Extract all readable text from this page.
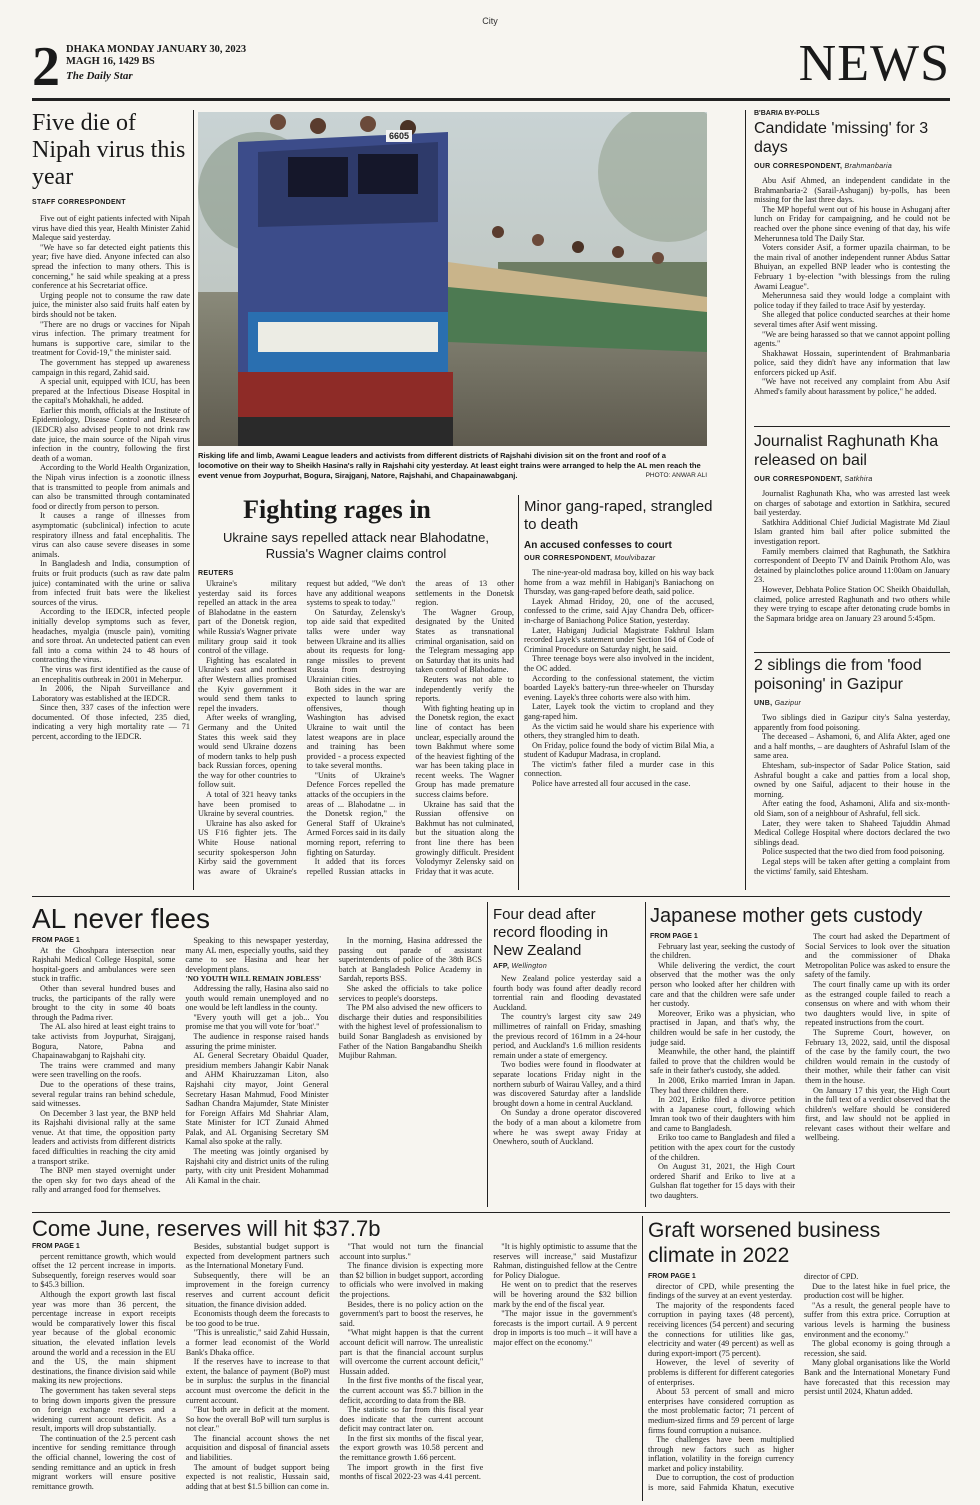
City
2 DHAKA MONDAY JANUARY 30, 2023
MAGH 16, 1429 BS
The Daily Star	NEWS
Five die of Nipah virus this year
STAFF CORRESPONDENT

Five out of eight patients infected with Nipah virus have died this year, Health Minister Zahid Maleque said yesterday.

"We have so far detected eight patients this year; five have died. Anyone infected can also spread the infection to many others. This is concerning," he said while speaking at a press conference at his Secretariat office.

Urging people not to consume the raw date juice, the minister also said fruits half eaten by birds should not be taken.

"There are no drugs or vaccines for Nipah virus infection. The primary treatment for humans is supportive care, similar to the treatment for Covid-19," the minister said.

The government has stepped up awareness campaign in this regard, Zahid said.

A special unit, equipped with ICU, has been prepared at the Infectious Disease Hospital in the capital's Mohakhali, he added.

Earlier this month, officials at the Institute of Epidemiology, Disease Control and Research (IEDCR) also advised people to not drink raw date juice, the main source of the Nipah virus infection in the country, following the first death of a woman.

According to the World Health Organization, the Nipah virus infection is a zoonotic illness that is transmitted to people from animals and can also be transmitted through contaminated food or directly from person to person.

It causes a range of illnesses from asymptomatic (subclinical) infection to acute respiratory illness and fatal encephalitis. The virus can also cause severe diseases in some animals.

In Bangladesh and India, consumption of fruits or fruit products (such as raw date palm juice) contaminated with the urine or saliva from infected fruit bats were the likeliest sources of the virus.

According to the IEDCR, infected people initially develop symptoms such as fever, headaches, myalgia (muscle pain), vomiting and sore throat. An undetected patient can even fall into a coma within 24 to 48 hours of contracting the virus.

The virus was first identified as the cause of an encephalitis outbreak in 2001 in Meherpur.

In 2006, the Nipah Surveillance and Laboratory was established at the IEDCR.

Since then, 337 cases of the infection were documented. Of those infected, 235 died, indicating a very high mortality rate — 71 percent, according to the IEDCR.

6605
Risking life and limb, Awami League leaders and activists from different districts of Rajshahi division sit on the front and roof of a locomotive on their way to Sheikh Hasina's rally in Rajshahi city yesterday. At least eight trains were arranged to help the AL men reach the event venue from Joypurhat, Bogura, Sirajganj, Natore, Rajshahi, and Chapainawabganj.	PHOTO: ANWAR ALI
Fighting rages in
Ukraine says repelled attack near Blahodatne, Russia's Wagner claims control
REUTERS

Ukraine's military yesterday said its forces repelled an attack in the area of Blahodatne in the eastern part of the Donetsk region, while Russia's Wagner private military group said it took control of the village.

Fighting has escalated in Ukraine's east and northeast after Western allies promised the Kyiv government it would send them tanks to repel the invaders.

After weeks of wrangling, Germany and the United States this week said they would send Ukraine dozens of modern tanks to help push back Russian forces, opening the way for other countries to follow suit.

A total of 321 heavy tanks have been promised to Ukraine by several countries.

Ukraine has also asked for US F16 fighter jets. The White House national security spokesperson John Kirby said the government was aware of Ukraine's request but added, "We don't have any additional weapons systems to speak to today."

On Saturday, Zelensky's top aide said that expedited talks were under way between Ukraine and its allies about its requests for long-range missiles to prevent Russia from destroying Ukrainian cities.

Both sides in the war are expected to launch spring offensives, though Washington has advised Ukraine to wait until the latest weapons are in place and training has been provided - a process expected to take several months.

"Units of Ukraine's Defence Forces repelled the attacks of the occupiers in the areas of ... Blahodatne ... in the Donetsk region," the General Staff of Ukraine's Armed Forces said in its daily morning report, referring to fighting on Saturday.

It added that its forces repelled Russian attacks in the areas of 13 other settlements in the Donetsk region.

The Wagner Group, designated by the United States as transnational criminal organisation, said on the Telegram messaging app on Saturday that its units had taken control of Blahodatne.

Reuters was not able to independently verify the reports.

With fighting heating up in the Donetsk region, the exact line of contact has been unclear, especially around the town Bakhmut where some of the heaviest fighting of the war has been taking place in recent weeks. The Wagner Group has made premature success claims before.

Ukraine has said that the Russian offensive on Bakhmut has not culminated, but the situation along the front line there has been growingly difficult. President Volodymyr Zelensky said on Friday that it was acute.

Minor gang-raped, strangled to death
An accused confesses to court
OUR CORRESPONDENT, Moulvibazar

The nine-year-old madrasa boy, killed on his way back home from a waz mehfil in Habiganj's Baniachong on Thursday, was gang-raped before death, said police.

Layek Ahmad Hridoy, 20, one of the accused, confessed to the crime, said Ajay Chandra Deb, officer-in-charge of Baniachong Police Station, yesterday.

Later, Habiganj Judicial Magistrate Fakhrul Islam recorded Layek's statement under Section 164 of Code of Criminal Procedure on Saturday night, he said.

Three teenage boys were also involved in the incident, the OC added.

According to the confessional statement, the victim boarded Layek's battery-run three-wheeler on Thursday evening. Layek's three cohorts were also with him.

Later, Layek took the victim to cropland and they gang-raped him.

As the victim said he would share his experience with others, they strangled him to death.

On Friday, police found the body of victim Bilal Mia, a student of Kadupur Madrasa, in cropland.

The victim's father filed a murder case in this connection.

Police have arrested all four accused in the case.

B'BARIA BY-POLLS
Candidate 'missing' for 3 days
OUR CORRESPONDENT, Brahmanbaria

Abu Asif Ahmed, an independent candidate in the Brahmanbaria-2 (Sarail-Ashuganj) by-polls, has been missing for the last three days.

The MP hopeful went out of his house in Ashuganj after lunch on Friday for campaigning, and he could not be reached over the phone since evening of that day, his wife Meherunnesa told The Daily Star.

Voters consider Asif, a former upazila chairman, to be the main rival of another independent runner Abdus Sattar Bhuiyan, an expelled BNP leader who is contesting the February 1 by-election "with blessings from the ruling Awami League".

Meherunnesa said they would lodge a complaint with police today if they failed to trace Asif by yesterday.

She alleged that police conducted searches at their home several times after Asif went missing.

"We are being harassed so that we cannot appoint polling agents."

Shakhawat Hossain, superintendent of Brahmanbaria police, said they didn't have any information that law enforcers picked up Asif.

"We have not received any complaint from Abu Asif Ahmed's family about harassment by police," he added.

Journalist Raghunath Kha released on bail
OUR CORRESPONDENT, Satkhira

Journalist Raghunath Kha, who was arrested last week on charges of sabotage and extortion in Satkhira, secured bail yesterday.

Satkhira Additional Chief Judicial Magistrate Md Ziaul Islam granted him bail after police submitted the investigation report.

Family members claimed that Raghunath, the Satkhira correspondent of Deepto TV and Dainik Prothom Alo, was detained by plainclothes police around 11:00am on January 23.

However, Debhata Police Station OC Sheikh Obaidullah, claimed, police arrested Raghunath and two others while they were trying to escape after detonating crude bombs in the Sapmara bridge area on January 23 around 5:45pm.

2 siblings die from 'food poisoning' in Gazipur
UNB, Gazipur

Two siblings died in Gazipur city's Salna yesterday, apparently from food poisoning.

The deceased – Ashamoni, 6, and Alifa Akter, aged one and a half months, – are daughters of Ashraful Islam of the same area.

Ehtesham, sub-inspector of Sadar Police Station, said Ashraful bought a cake and patties from a local shop, owned by one Saiful, adjacent to their house in the morning.

After eating the food, Ashamoni, Alifa and six-month-old Siam, son of a neighbour of Ashraful, fell sick.

Later, they were taken to Shaheed Tajuddin Ahmad Medical College Hospital where doctors declared the two siblings dead.

Police suspected that the two died from food poisoning.

Legal steps will be taken after getting a complaint from the victims' family, said Ehtesham.

AL never flees
FROM PAGE 1

At the Ghoshpara intersection near Rajshahi Medical College Hospital, some hospital-goers and ambulances were seen stuck in traffic.

Other than several hundred buses and trucks, the participants of the rally were brought to the city in some 40 boats through the Padma river.

The AL also hired at least eight trains to take activists from Joypurhat, Sirajganj, Bogura, Natore, Pabna and Chapainawabganj to Rajshahi city.

The trains were crammed and many were seen travelling on the roofs.

Due to the operations of these trains, several regular trains ran behind schedule, said witnesses.

On December 3 last year, the BNP held its Rajshahi divisional rally at the same venue. At that time, the opposition party leaders and activists from different districts faced difficulties in reaching the city amid a transport strike.

The BNP men stayed overnight under the open sky for two days ahead of the rally and arranged food for themselves.

Speaking to this newspaper yesterday, many AL men, especially youths, said they came to see Hasina and hear her development plans.

'NO YOUTH WILL REMAIN JOBLESS'

Addressing the rally, Hasina also said no youth would remain unemployed and no one would be left landless in the county.

"Every youth will get a job... You promise me that you will vote for 'boat'."

The audience in response raised hands assuring the prime minister.

AL General Secretary Obaidul Quader, presidium members Jahangir Kabir Nanak and AHM Khairuzzaman Liton, also Rajshahi city mayor, Joint General Secretary Hasan Mahmud, Food Minister Sadhan Chandra Majumder, State Minister for Foreign Affairs Md Shahriar Alam, State Minister for ICT Zunaid Ahmed Palak, and AL Organising Secretary SM Kamal also spoke at the rally.

The meeting was jointly organised by Rajshahi city and district units of the ruling party, with city unit President Mohammad Ali Kamal in the chair.

In the morning, Hasina addressed the passing out parade of assistant superintendents of police of the 38th BCS batch at Bangladesh Police Academy in Sardah, reports BSS.

She asked the officials to take police services to people's doorsteps.

The PM also advised the new officers to discharge their duties and responsibilities with the highest level of professionalism to build Sonar Bangladesh as envisioned by Father of the Nation Bangabandhu Sheikh Mujibur Rahman.

Four dead after record flooding in New Zealand
AFP, Wellington

New Zealand police yesterday said a fourth body was found after deadly record torrential rain and flooding devastated Auckland.

The country's largest city saw 249 millimetres of rainfall on Friday, smashing the previous record of 161mm in a 24-hour period, and Auckland's 1.6 million residents remain under a state of emergency.

Two bodies were found in floodwater at separate locations Friday night in the northern suburb of Wairau Valley, and a third was discovered Saturday after a landslide brought down a home in central Auckland.

On Sunday a drone operator discovered the body of a man about a kilometre from where he was swept away Friday at Onewhero, south of Auckland.

Japanese mother gets custody
FROM PAGE 1

February last year, seeking the custody of the children.

While delivering the verdict, the court observed that the mother was the only person who looked after her children with care and that the children were safe under her custody.

Moreover, Eriko was a physician, who practised in Japan, and that's why, the children would be safe in her custody, the judge said.

Meanwhile, the other hand, the plaintiff failed to prove that the children would be safe in their father's custody, she added.

In 2008, Eriko married Imran in Japan. They had three children there.

In 2021, Eriko filed a divorce petition with a Japanese court, following which Imran took two of their daughters with him and came to Bangladesh.

Eriko too came to Bangladesh and filed a petition with the apex court for the custody of the children.

On August 31, 2021, the High Court ordered Sharif and Eriko to live at a Gulshan flat together for 15 days with their two daughters.

The court had asked the Department of Social Services to look over the situation and the commissioner of Dhaka Metropolitan Police was asked to ensure the safety of the family.

The court finally came up with its order as the estranged couple failed to reach a consensus on where and with whom their two daughters would live, in spite of repeated instructions from the court.

The Supreme Court, however, on February 13, 2022, said, until the disposal of the case by the family court, the two children would remain in the custody of their mother, while their father can visit them in the house.

On January 17 this year, the High Court in the full text of a verdict observed that the children's welfare should be considered first, and law should not be applied in relevant cases without their welfare and wellbeing.

Come June, reserves will hit $37.7b
FROM PAGE 1

percent remittance growth, which would offset the 12 percent increase in imports. Subsequently, foreign reserves would soar to $45.3 billion.

Although the export growth last fiscal year was more than 36 percent, the percentage increase in export receipts would be comparatively lower this fiscal year because of the global economic situation, the elevated inflation levels around the world and a recession in the EU and the US, the main shipment destinations, the finance division said while making its new projections.

The government has taken several steps to bring down imports given the pressure on foreign exchange reserves and a widening current account deficit. As a result, imports will drop substantially.

The continuation of the 2.5 percent cash incentive for sending remittance through the official channel, lowering the cost of sending remittance and an uptick in fresh migrant workers will ensure positive remittance growth.

Besides, substantial budget support is expected from development partners such as the International Monetary Fund.

Subsequently, there will be an improvement in the foreign currency reserves and current account deficit situation, the finance division added.

Economists though deem the forecasts to be too good to be true.

"This is unrealistic," said Zahid Hussain, a former lead economist of the World Bank's Dhaka office.

If the reserves have to increase to that extent, the balance of payment (BoP) must be in surplus: the surplus in the financial account must overcome the deficit in the current account.

"But both are in deficit at the moment. So how the overall BoP will turn surplus is not clear."

The financial account shows the net acquisition and disposal of financial assets and liabilities.

The amount of budget support being expected is not realistic, Hussain said, adding that at best $1.5 billion can come in.

"That would not turn the financial account into surplus."

The finance division is expecting more than $2 billion in budget support, according to officials who were involved in making the projections.

Besides, there is no policy action on the government's part to boost the reserves, he said.

"What might happen is that the current account deficit will narrow. The unrealistic part is that the financial account surplus will overcome the current account deficit," Hussain added.

In the first five months of the fiscal year, the current account was $5.7 billion in the deficit, according to data from the BB.

The statistic so far from this fiscal year does indicate that the current account deficit may contract later on.

In the first six months of the fiscal year, the export growth was 10.58 percent and the remittance growth 1.66 percent.

The import growth in the first five months of fiscal 2022-23 was 4.41 percent.

"It is highly optimistic to assume that the reserves will increase," said Mustafizur Rahman, distinguished fellow at the Centre for Policy Dialogue.

He went on to predict that the reserves will be hovering around the $32 billion mark by the end of the fiscal year.

"The major issue in the government's forecasts is the import curtail. A 9 percent drop in imports is too much – it will have a major effect on the economy."

Graft worsened business climate in 2022
FROM PAGE 1

director of CPD, while presenting the findings of the survey at an event yesterday.

The majority of the respondents faced corruption in paying taxes (48 percent), receiving licences (54 percent) and securing the connections for utilities like gas, electricity and water (49 percent) as well as during export-import (75 percent).

However, the level of severity of problems is different for different categories of enterprises.

About 53 percent of small and micro enterprises have considered corruption as the most problematic factor; 71 percent of medium-sized firms and 59 percent of large firms found corruption a nuisance.

The challenges have been multiplied through new factors such as higher inflation, volatility in the foreign currency market and policy instability.

Due to corruption, the cost of production is more, said Fahmida Khatun, executive director of CPD.

Due to the latest hike in fuel price, the production cost will be higher.

"As a result, the general people have to suffer from this extra price. Corruption at various levels is harming the business environment and the economy."

The global economy is going through a recession, she said.

Many global organisations like the World Bank and the International Monetary Fund have forecasted that this recession may persist until 2024, Khatun added.
